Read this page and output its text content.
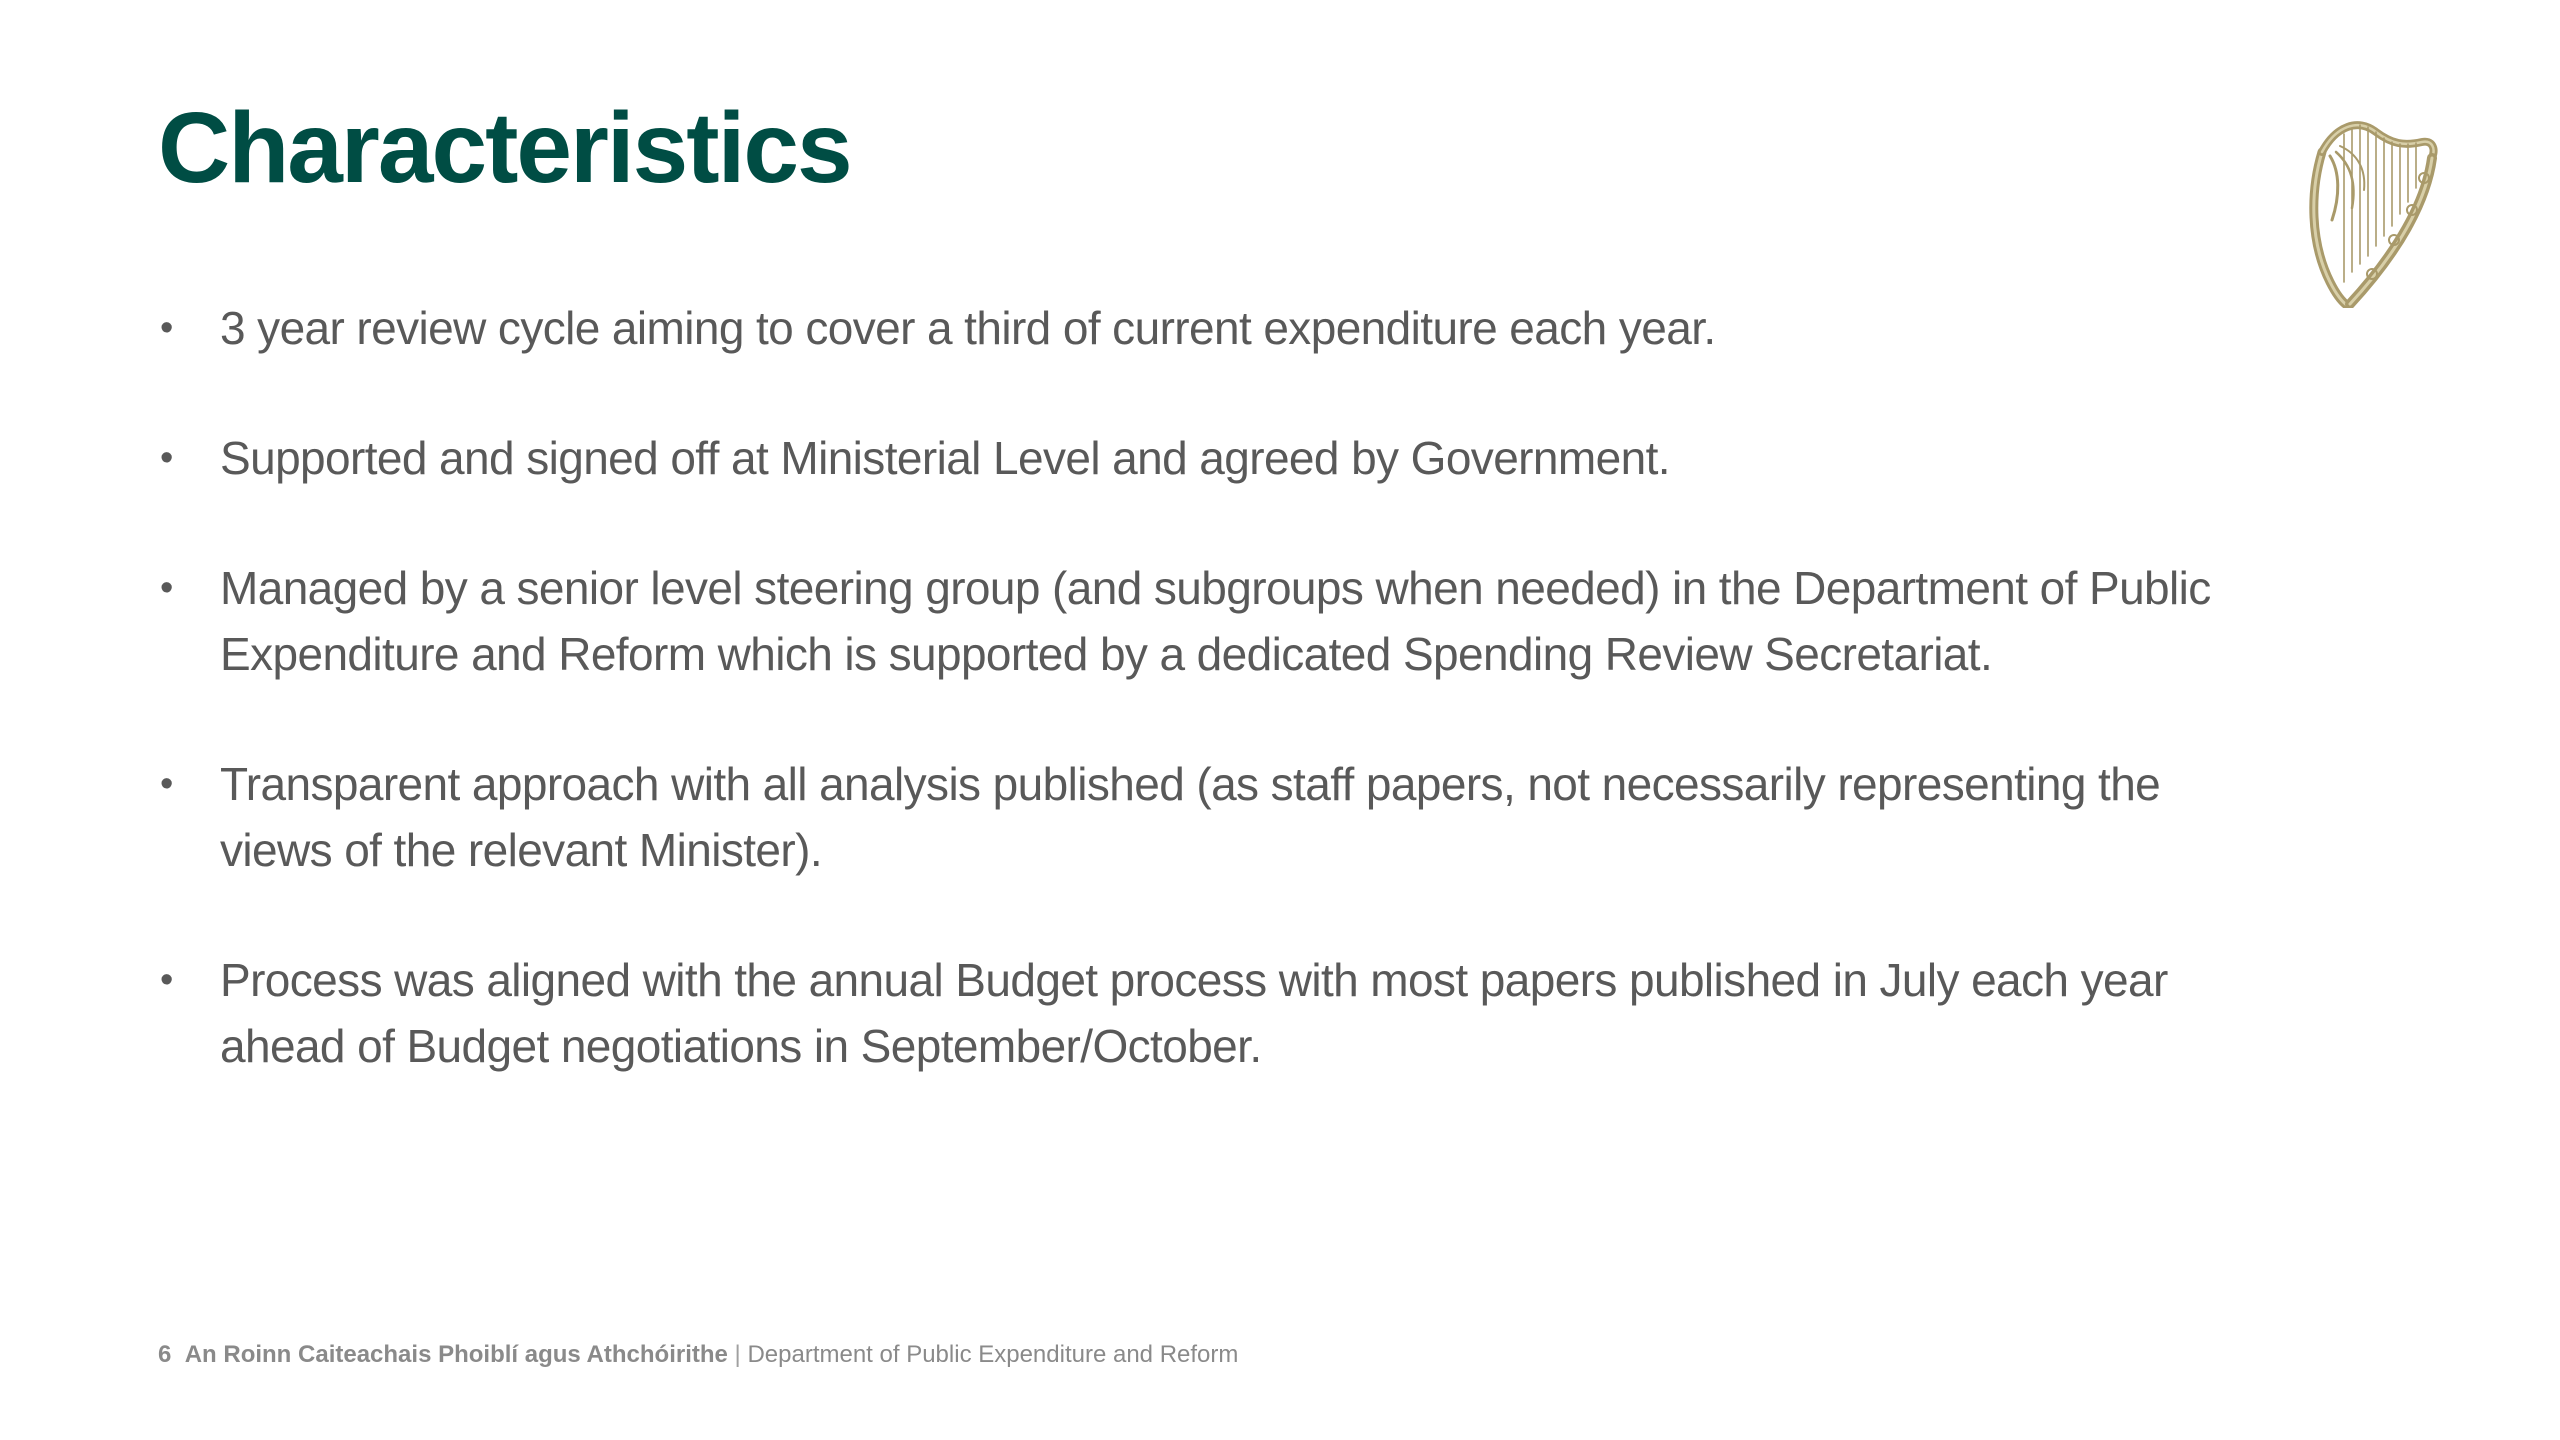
Characteristics
• 3 year review cycle aiming to cover a third of current expenditure each year.
• Supported and signed off at Ministerial Level and agreed by Government.
• Managed by a senior level steering group (and subgroups when needed) in the Department of Public Expenditure and Reform which is supported by a dedicated Spending Review Secretariat.
• Transparent approach with all analysis published (as staff papers, not necessarily representing the views of the relevant Minister).
• Process was aligned with the annual Budget process with most papers published in July each year ahead of Budget negotiations in September/October.
6 An Roinn Caiteachais Phoiblí agus Athchóirithe | Department of Public Expenditure and Reform
